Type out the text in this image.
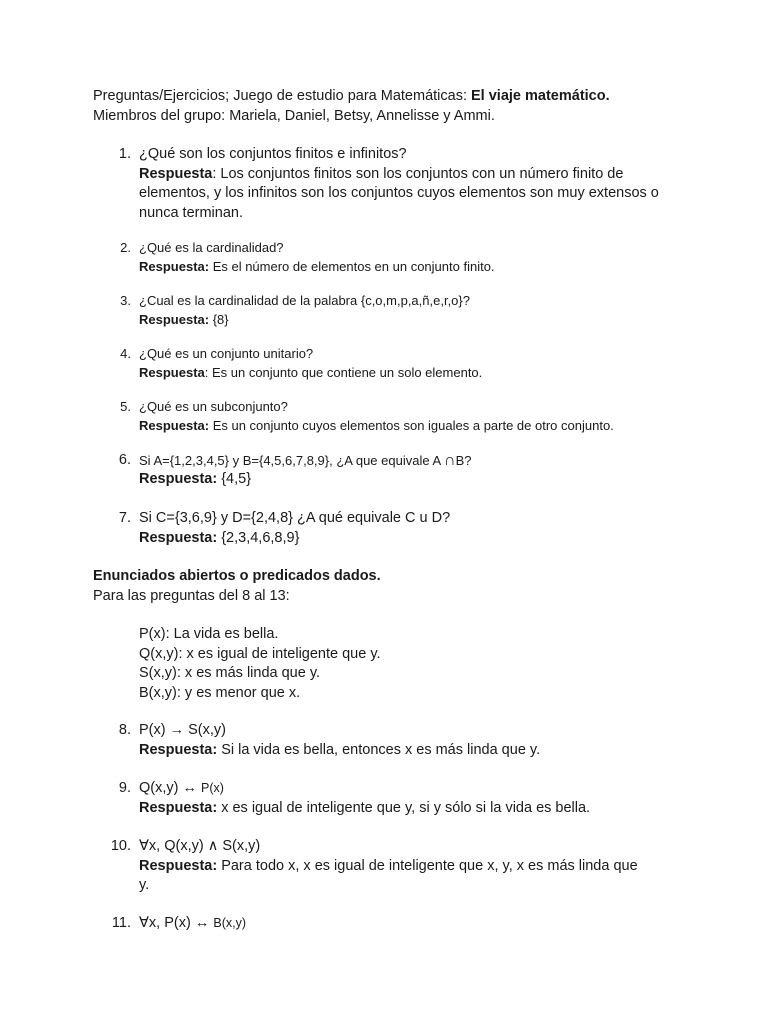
Preguntas/Ejercicios; Juego de estudio para Matemáticas: El viaje matemático.

Miembros del grupo: Mariela, Daniel, Betsy, Annelisse y Ammi.

1. ¿Qué son los conjuntos finitos e infinitos?

Respuesta: Los conjuntos finitos son los conjuntos con un número finito de elementos, y los infinitos son los conjuntos cuyos elementos son muy extensos o nunca terminan.

2. ¿Qué es la cardinalidad?

Respuesta: Es el número de elementos en un conjunto finito.

3. ¿Cual es la cardinalidad de la palabra {c,o,m,p,a,ñ,e,r,o}?

Respuesta: {8}

4. ¿Qué es un conjunto unitario?

Respuesta: Es un conjunto que contiene un solo elemento.

5. ¿Qué es un subconjunto?

Respuesta: Es un conjunto cuyos elementos son iguales a parte de otro conjunto.

6. Si A={1,2,3,4,5} y B={4,5,6,7,8,9}, ¿A que equivale A ∩B?

Respuesta: {4,5}

7. Si C={3,6,9} y D={2,4,8} ¿A qué equivale C u D?

Respuesta: {2,3,4,6,8,9}

Enunciados abiertos o predicados dados.

Para las preguntas del 8 al 13:

P(x): La vida es bella.

Q(x,y): x es igual de inteligente que y.

S(x,y): x es más linda que y.

B(x,y): y es menor que x.

8. P(x) → S(x,y)

Respuesta: Si la vida es bella, entonces x es más linda que y.

9. Q(x,y) ↔ P(x)

Respuesta: x es igual de inteligente que y, si y sólo si la vida es bella.

10. ∀x, Q(x,y) ∧ S(x,y)

Respuesta: Para todo x, x es igual de inteligente que x, y, x es más linda que y.

11. ∀x, P(x) ↔ B(x,y)
